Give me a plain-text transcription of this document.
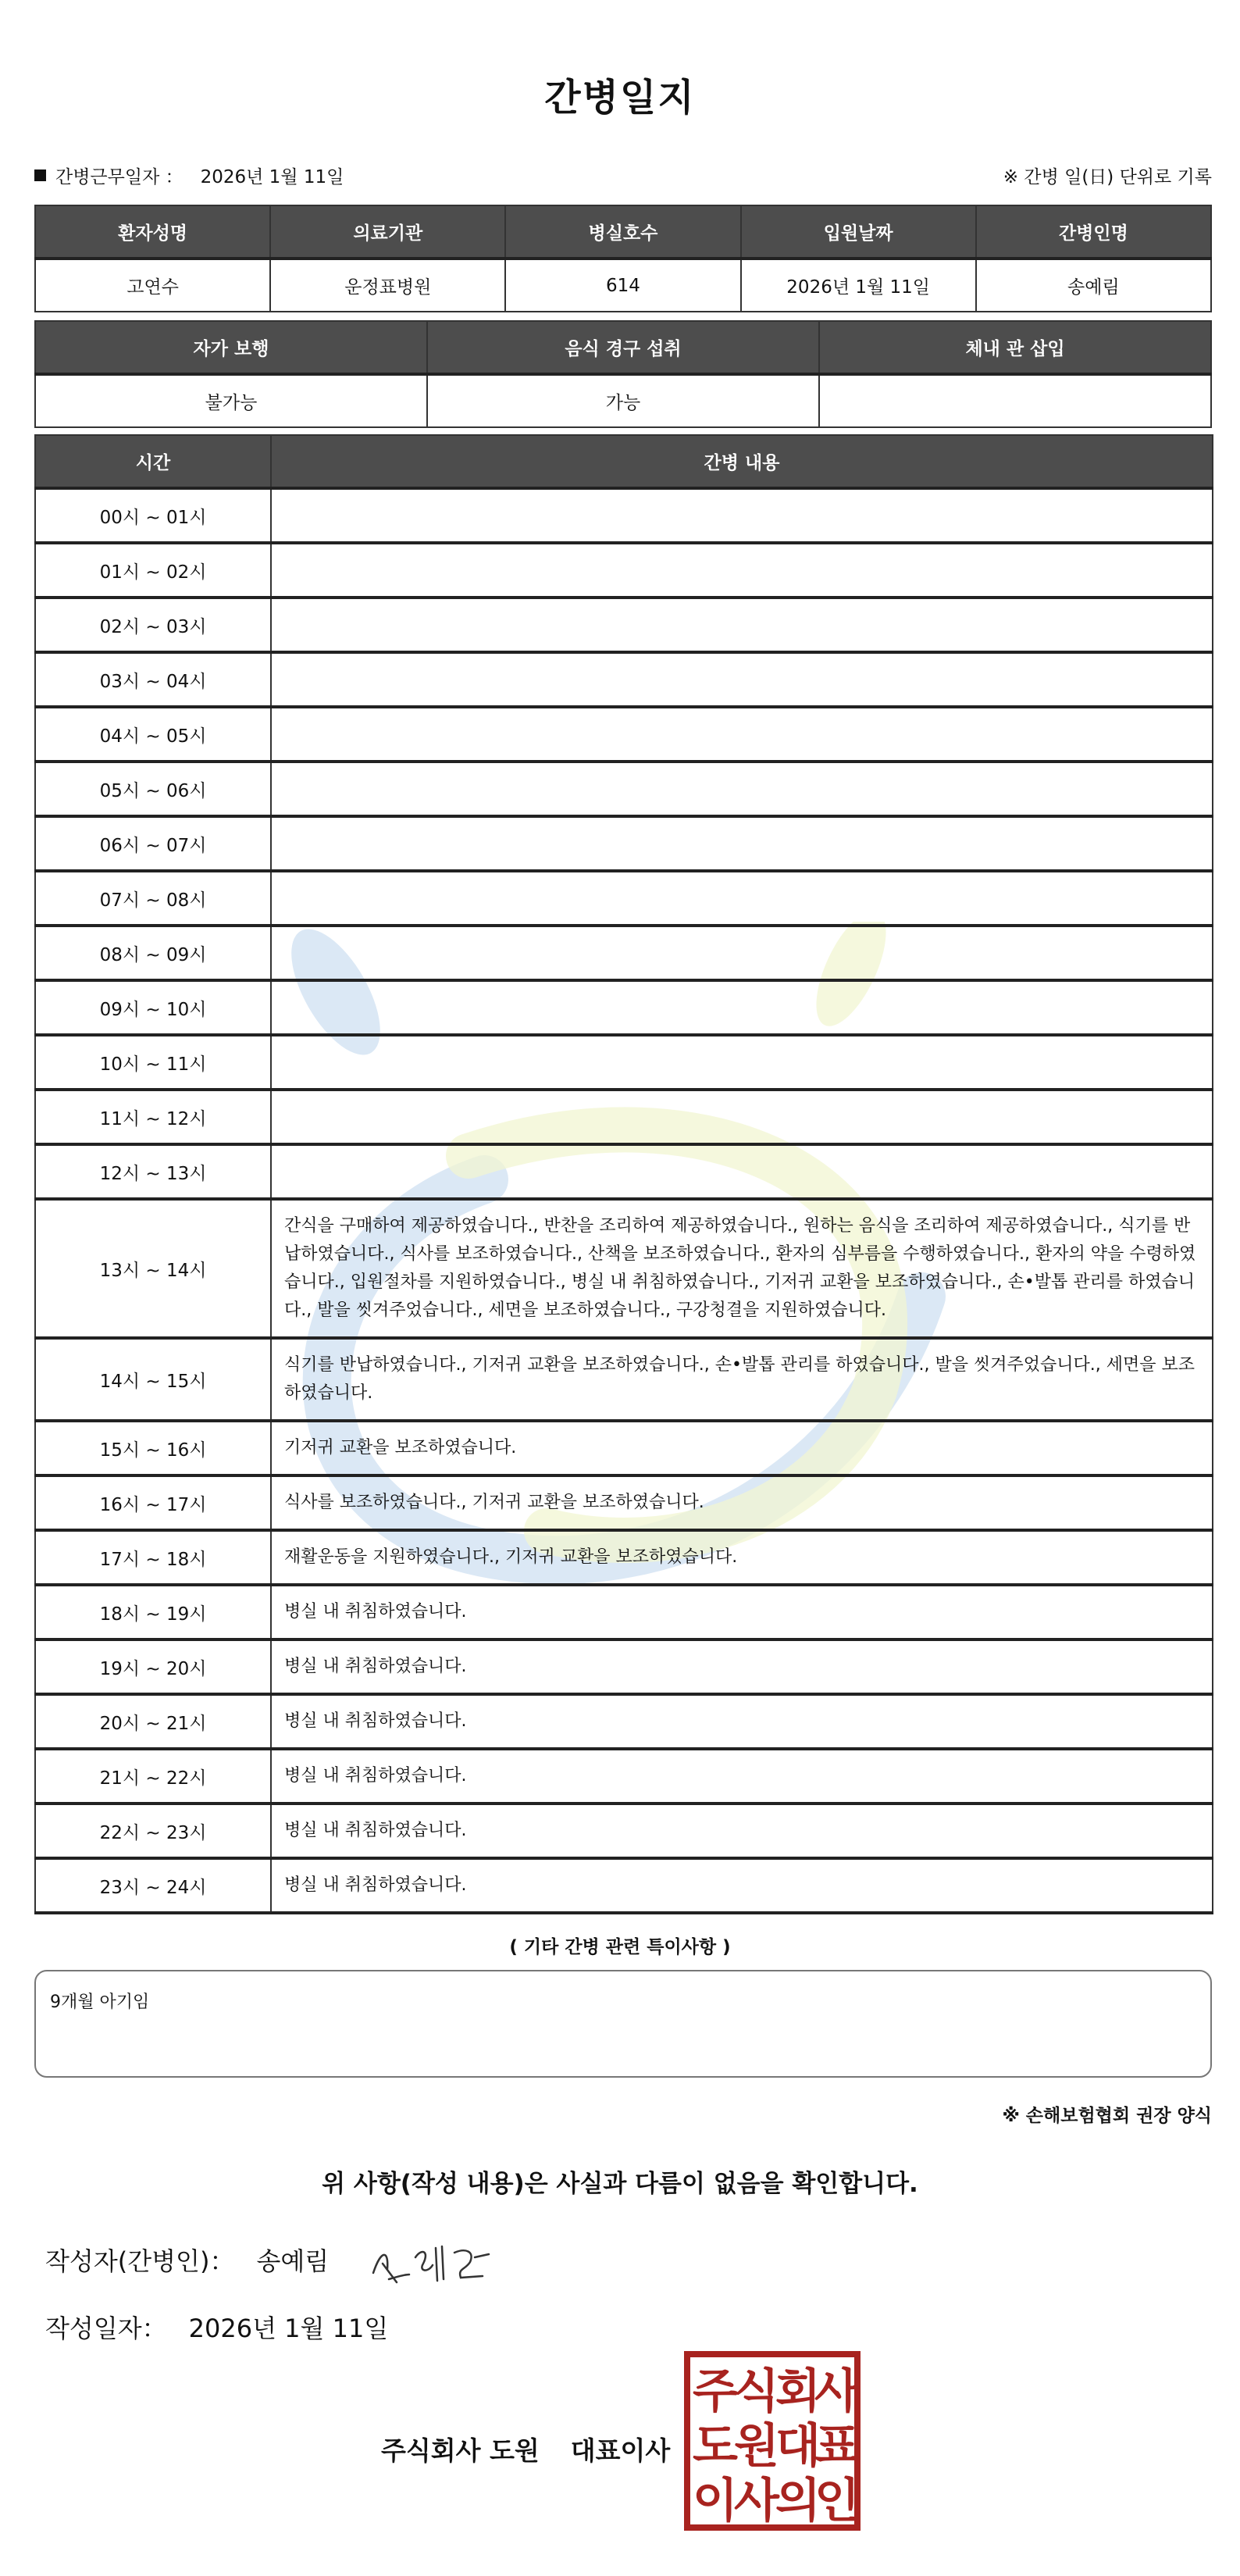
간병일지
간병근무일자 ： 2026년 1월 11일	※ 간병 일(日) 단위로 기록
환자성명	의료기관	병실호수	입원날짜	간병인명
고연수	운정표병원	614	2026년 1월 11일	송예림
자가 보행	음식 경구 섭취	체내 관 삽입
불가능	가능	
시간	간병 내용
00시 ~ 01시	
01시 ~ 02시	
02시 ~ 03시	
03시 ~ 04시	
04시 ~ 05시	
05시 ~ 06시	
06시 ~ 07시	
07시 ~ 08시	
08시 ~ 09시	
09시 ~ 10시	
10시 ~ 11시	
11시 ~ 12시	
12시 ~ 13시	
13시 ~ 14시	간식을 구매하여 제공하였습니다., 반찬을 조리하여 제공하였습니다., 원하는 음식을 조리하여 제공하였습니다., 식기를 반납하였습니다., 식사를 보조하였습니다., 산책을 보조하였습니다., 환자의 심부름을 수행하였습니다., 환자의 약을 수령하였습니다., 입원절차를 지원하였습니다., 병실 내 취침하였습니다., 기저귀 교환을 보조하였습니다., 손•발톱 관리를 하였습니다., 발을 씻겨주었습니다., 세면을 보조하였습니다., 구강청결을 지원하였습니다.
14시 ~ 15시	식기를 반납하였습니다., 기저귀 교환을 보조하였습니다., 손•발톱 관리를 하였습니다., 발을 씻겨주었습니다., 세면을 보조하였습니다.
15시 ~ 16시	기저귀 교환을 보조하였습니다.
16시 ~ 17시	식사를 보조하였습니다., 기저귀 교환을 보조하였습니다.
17시 ~ 18시	재활운동을 지원하였습니다., 기저귀 교환을 보조하였습니다.
18시 ~ 19시	병실 내 취침하였습니다.
19시 ~ 20시	병실 내 취침하였습니다.
20시 ~ 21시	병실 내 취침하였습니다.
21시 ~ 22시	병실 내 취침하였습니다.
22시 ~ 23시	병실 내 취침하였습니다.
23시 ~ 24시	병실 내 취침하였습니다.
( 기타 간병 관련 특이사항 )
9개월 아기임
※ 손해보험협회 권장 양식
위 사항(작성 내용)은 사실과 다름이 없음을 확인합니다.
작성자(간병인)： 송예림
작성일자： 2026년 1월 11일
주식회사 도원 대표이사
주
식
회
사
도
원
대
표
이
사
의
인
